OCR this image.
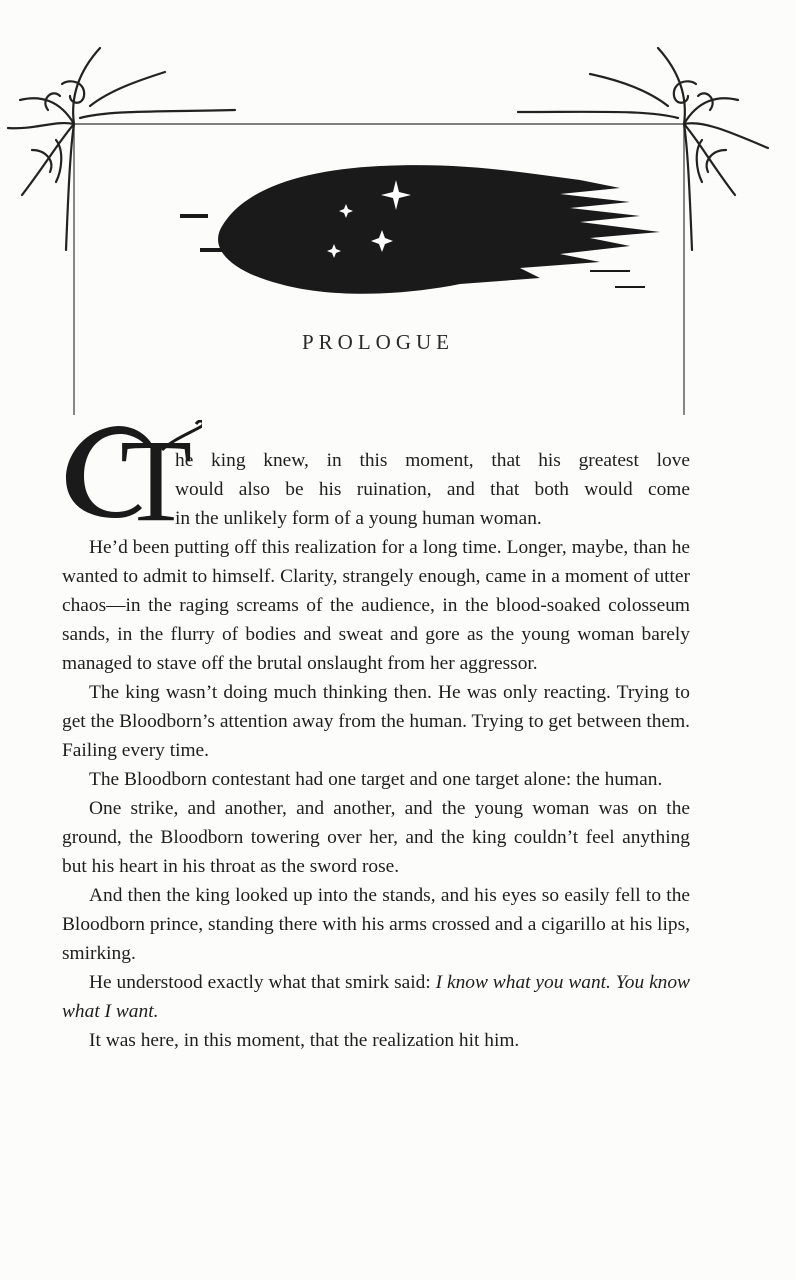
PROLOGUE
T

he king knew, in this moment, that his greatest love
would also be his ruination, and that both would come
in the unlikely form of a young human woman.

He’d been putting off this realization for a long time. Longer, maybe, than he wanted to admit to himself. Clarity, strangely enough, came in a moment of utter chaos—in the raging screams of the audience, in the blood-soaked colosseum sands, in the flurry of bodies and sweat and gore as the young woman barely managed to stave off the brutal onslaught from her aggressor.

The king wasn’t doing much thinking then. He was only reacting. Trying to get the Bloodborn’s attention away from the human. Trying to get between them. Failing every time.

The Bloodborn contestant had one target and one target alone: the human.

One strike, and another, and another, and the young woman was on the ground, the Bloodborn towering over her, and the king couldn’t feel anything but his heart in his throat as the sword rose.

And then the king looked up into the stands, and his eyes so easily fell to the Bloodborn prince, standing there with his arms crossed and a cigarillo at his lips, smirking.

He understood exactly what that smirk said: I know what you want. You know what I want.

It was here, in this moment, that the realization hit him.
